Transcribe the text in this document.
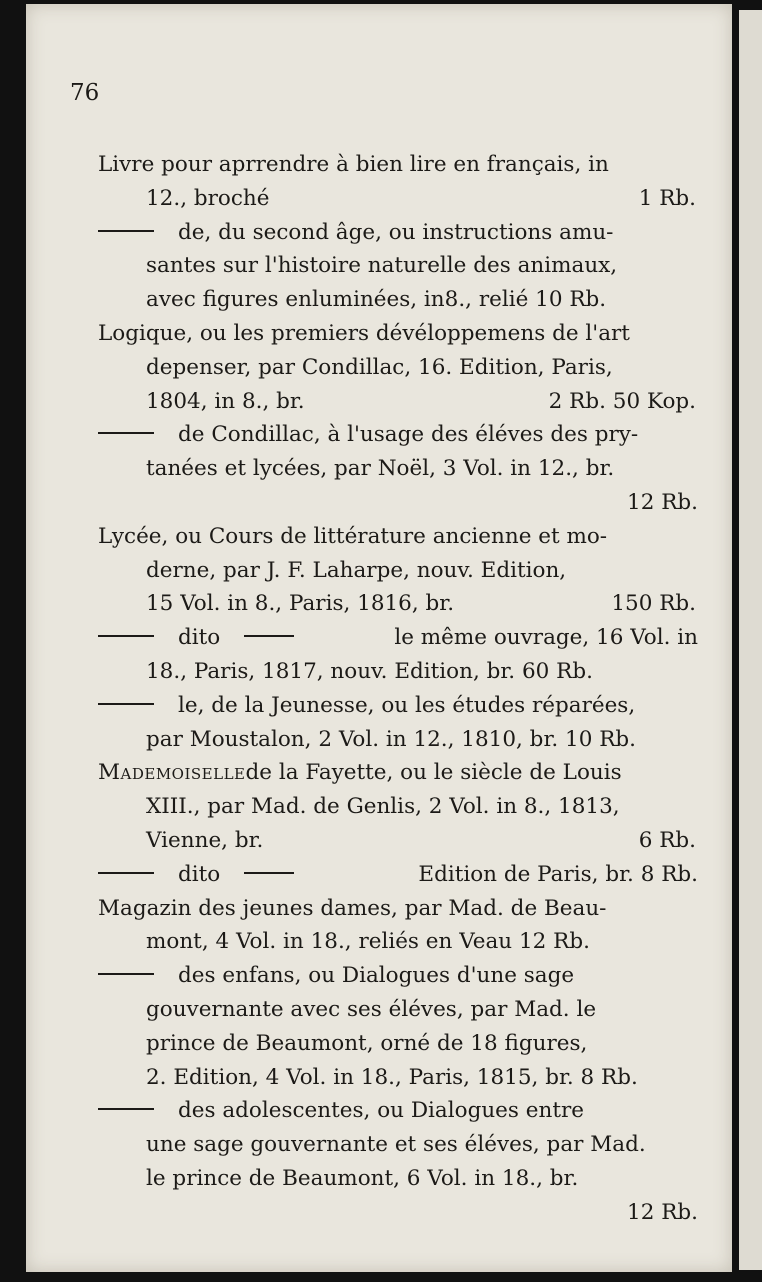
76
Livre pour aprrendre à bien lire en français, in
12., broché	1 Rb.
de, du second âge, ou instructions amu-
santes sur l'histoire naturelle des animaux,
avec figures enluminées, in8., relié 10 Rb.
Logique, ou les premiers dévéloppemens de l'art
depenser, par Condillac, 16. Edition, Paris,
1804, in 8., br.	2 Rb. 50 Kop.
de Condillac, à l'usage des éléves des pry-
tanées et lycées, par Noël, 3 Vol. in 12., br.
12 Rb.
Lycée, ou Cours de littérature ancienne et mo-
derne, par J. F. Laharpe, nouv. Edition,
15 Vol. in 8., Paris, 1816, br.	150 Rb.
dito	le même ouvrage, 16 Vol. in
18., Paris, 1817, nouv. Edition, br. 60 Rb.
le, de la Jeunesse, ou les études réparées,
par Moustalon, 2 Vol. in 12., 1810, br. 10 Rb.
Mademoiselle de la Fayette, ou le siècle de Louis
XIII., par Mad. de Genlis, 2 Vol. in 8., 1813,
Vienne, br.	6 Rb.
dito	Edition de Paris, br. 8 Rb.
Magazin des jeunes dames, par Mad. de Beau-
mont, 4 Vol. in 18., reliés en Veau 12 Rb.
des enfans, ou Dialogues d'une sage
gouvernante avec ses éléves, par Mad. le
prince de Beaumont, orné de 18 figures,
2. Edition, 4 Vol. in 18., Paris, 1815, br. 8 Rb.
des adolescentes, ou Dialogues entre
une sage gouvernante et ses éléves, par Mad.
le prince de Beaumont, 6 Vol. in 18., br.
12 Rb.
